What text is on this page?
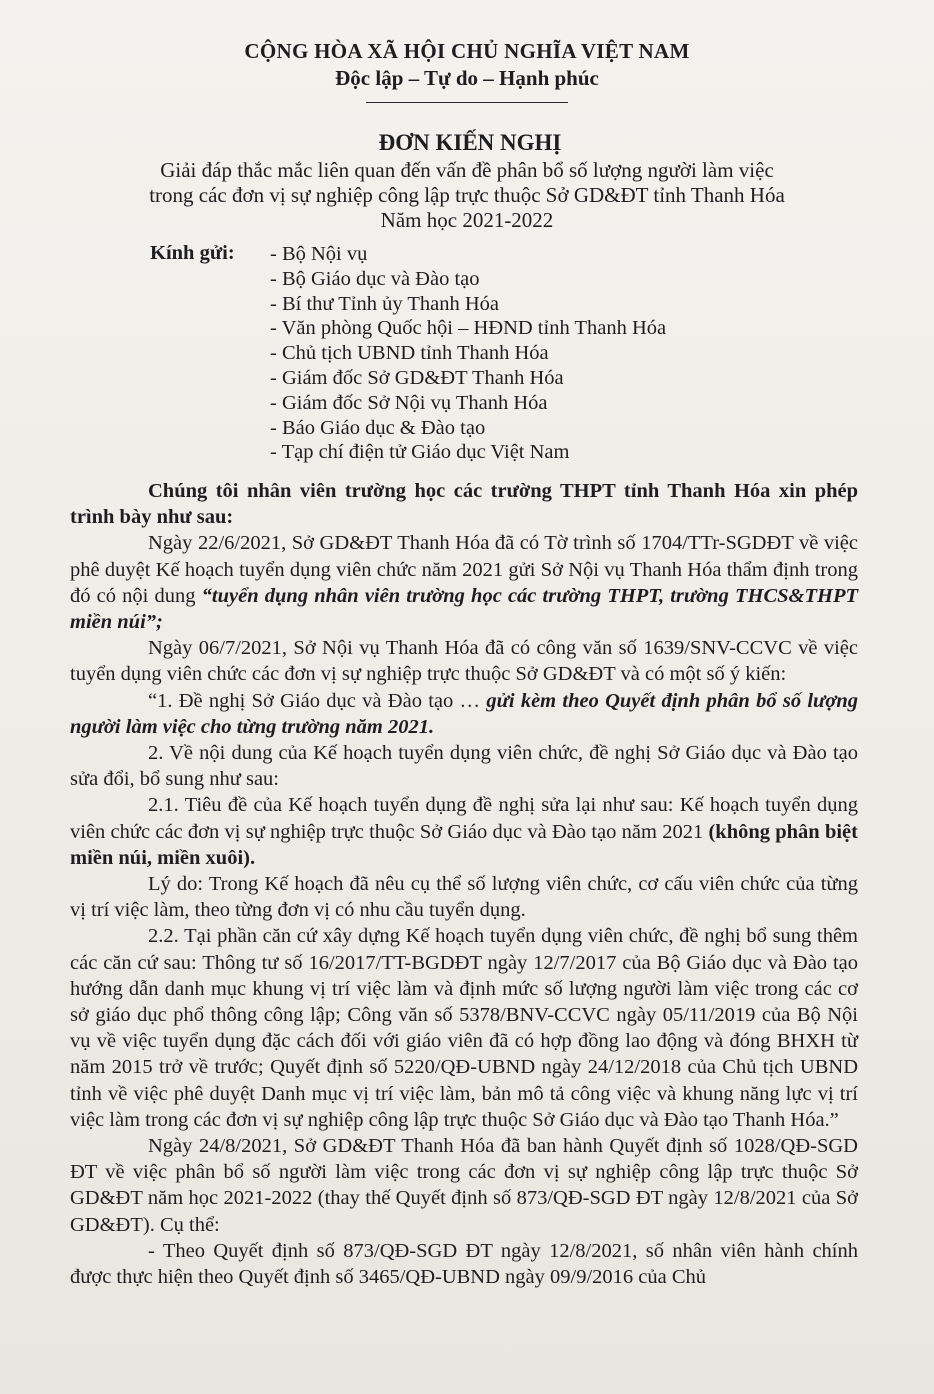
CỘNG HÒA XÃ HỘI CHỦ NGHĨA VIỆT NAM
Độc lập – Tự do – Hạnh phúc
ĐƠN KIẾN NGHỊ
Giải đáp thắc mắc liên quan đến vấn đề phân bổ số lượng người làm việc
trong các đơn vị sự nghiệp công lập trực thuộc Sở GD&ĐT tỉnh Thanh Hóa
Năm học 2021-2022
Kính gửi: - Bộ Nội vụ
- Bộ Giáo dục và Đào tạo
- Bí thư Tỉnh ủy Thanh Hóa
- Văn phòng Quốc hội – HĐND tỉnh Thanh Hóa
- Chủ tịch UBND tỉnh Thanh Hóa
- Giám đốc Sở GD&ĐT Thanh Hóa
- Giám đốc Sở Nội vụ Thanh Hóa
- Báo Giáo dục & Đào tạo
- Tạp chí điện tử Giáo dục Việt Nam

Chúng tôi nhân viên trường học các trường THPT tỉnh Thanh Hóa xin phép trình bày như sau:

Ngày 22/6/2021, Sở GD&ĐT Thanh Hóa đã có Tờ trình số 1704/TTr-SGDĐT về việc phê duyệt Kế hoạch tuyển dụng viên chức năm 2021 gửi Sở Nội vụ Thanh Hóa thẩm định trong đó có nội dung “tuyển dụng nhân viên trường học các trường THPT, trường THCS&THPT miền núi”;

Ngày 06/7/2021, Sở Nội vụ Thanh Hóa đã có công văn số 1639/SNV-CCVC về việc tuyển dụng viên chức các đơn vị sự nghiệp trực thuộc Sở GD&ĐT và có một số ý kiến:

“1. Đề nghị Sở Giáo dục và Đào tạo … gửi kèm theo Quyết định phân bổ số lượng người làm việc cho từng trường năm 2021.

2. Về nội dung của Kế hoạch tuyển dụng viên chức, đề nghị Sở Giáo dục và Đào tạo sửa đổi, bổ sung như sau:

2.1. Tiêu đề của Kế hoạch tuyển dụng đề nghị sửa lại như sau: Kế hoạch tuyển dụng viên chức các đơn vị sự nghiệp trực thuộc Sở Giáo dục và Đào tạo năm 2021 (không phân biệt miền núi, miền xuôi).

Lý do: Trong Kế hoạch đã nêu cụ thể số lượng viên chức, cơ cấu viên chức của từng vị trí việc làm, theo từng đơn vị có nhu cầu tuyển dụng.

2.2. Tại phần căn cứ xây dựng Kế hoạch tuyển dụng viên chức, đề nghị bổ sung thêm các căn cứ sau: Thông tư số 16/2017/TT-BGDĐT ngày 12/7/2017 của Bộ Giáo dục và Đào tạo hướng dẫn danh mục khung vị trí việc làm và định mức số lượng người làm việc trong các cơ sở giáo dục phổ thông công lập; Công văn số 5378/BNV-CCVC ngày 05/11/2019 của Bộ Nội vụ về việc tuyển dụng đặc cách đối với giáo viên đã có hợp đồng lao động và đóng BHXH từ năm 2015 trở về trước; Quyết định số 5220/QĐ-UBND ngày 24/12/2018 của Chủ tịch UBND tỉnh về việc phê duyệt Danh mục vị trí việc làm, bản mô tả công việc và khung năng lực vị trí việc làm trong các đơn vị sự nghiệp công lập trực thuộc Sở Giáo dục và Đào tạo Thanh Hóa.”

Ngày 24/8/2021, Sở GD&ĐT Thanh Hóa đã ban hành Quyết định số 1028/QĐ-SGD ĐT về việc phân bổ số người làm việc trong các đơn vị sự nghiệp công lập trực thuộc Sở GD&ĐT năm học 2021-2022 (thay thế Quyết định số 873/QĐ-SGD ĐT ngày 12/8/2021 của Sở GD&ĐT). Cụ thể:

- Theo Quyết định số 873/QĐ-SGD ĐT ngày 12/8/2021, số nhân viên hành chính được thực hiện theo Quyết định số 3465/QĐ-UBND ngày 09/9/2016 của Chủ
